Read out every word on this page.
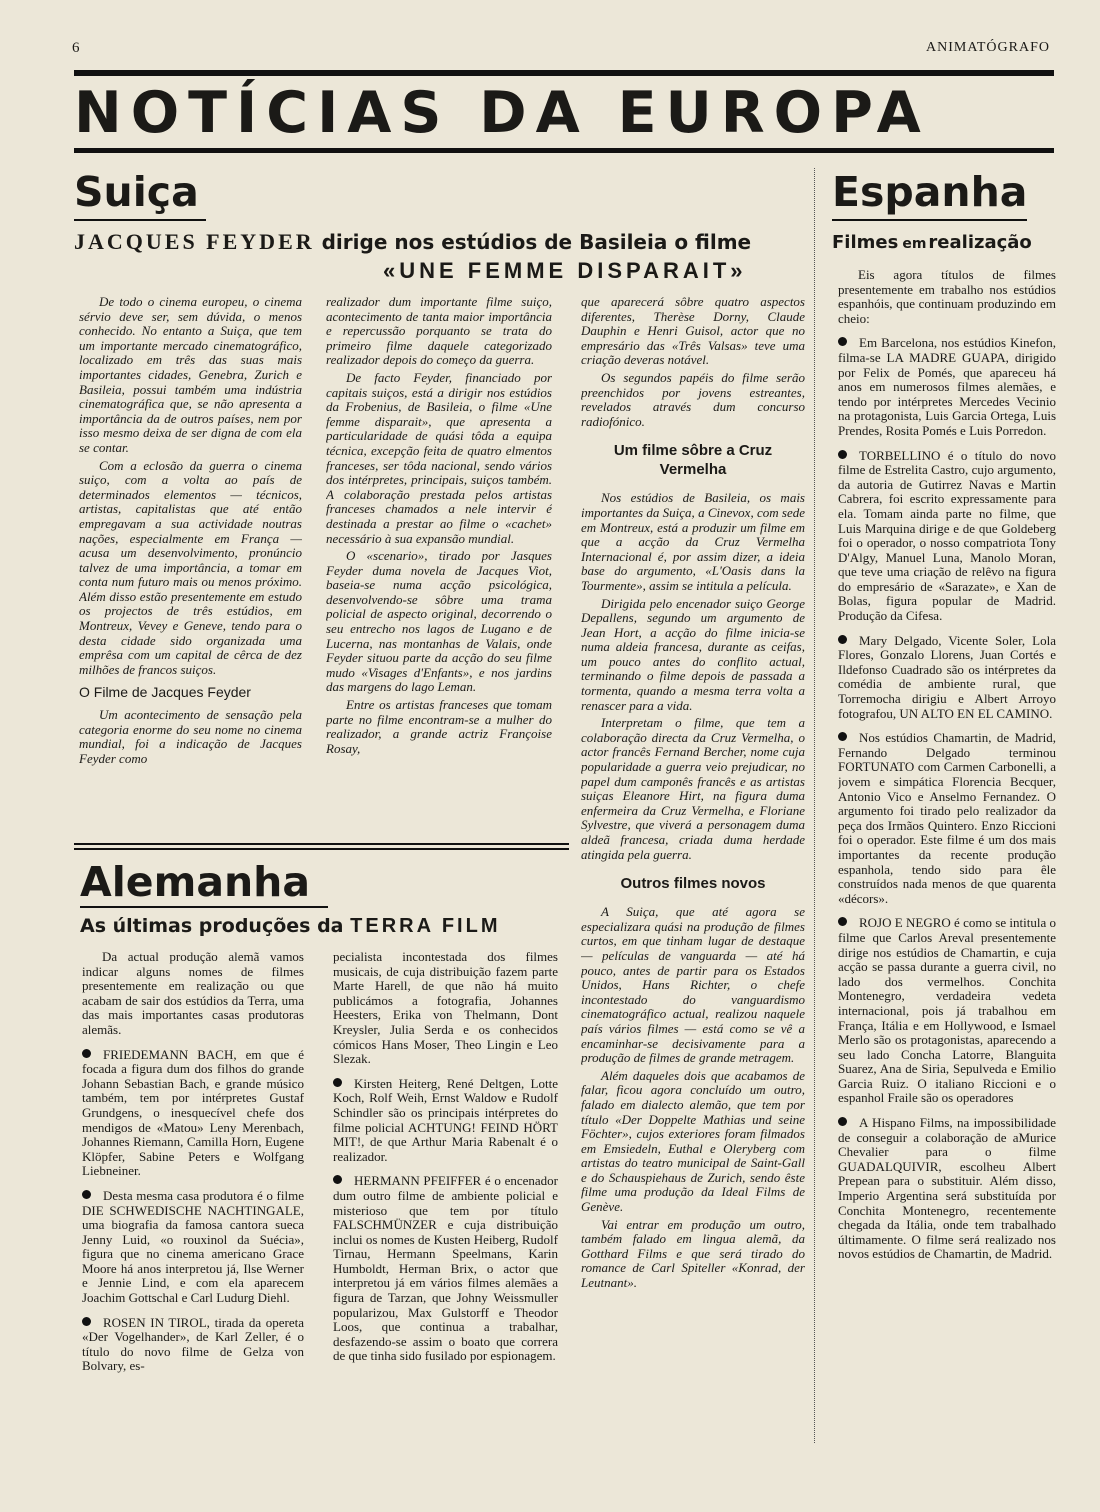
6	ANIMATÓGRAFO
NOTÍCIAS DA EUROPA
Suiça
JACQUES FEYDER dirige nos estúdios de Basileia o filme
«UNE FEMME DISPARAIT»

De todo o cinema europeu, o cinema sérvio deve ser, sem dúvida, o menos conhecido. No entanto a Suiça, que tem um importante mercado cinematográfico, localizado em três das suas mais importantes cidades, Genebra, Zurich e Basileia, possui também uma indústria cinematográfica que, se não apresenta a importância da de outros países, nem por isso mesmo deixa de ser digna de com ela se contar.

Com a eclosão da guerra o cinema suiço, com a volta ao país de determinados elementos — técnicos, artistas, capitalistas que até então empregavam a sua actividade noutras nações, especialmente em França — acusa um desenvolvimento, pronúncio talvez de uma importância, a tomar em conta num futuro mais ou menos próximo. Além disso estão presentemente em estudo os projectos de três estúdios, em Montreux, Vevey e Geneve, tendo para o desta cidade sido organizada uma emprêsa com um capital de cêrca de dez milhões de francos suiços.

O Filme de Jacques Feyder

Um acontecimento de sensação pela categoria enorme do seu nome no cinema mundial, foi a indicação de Jacques Feyder como

realizador dum importante filme suiço, acontecimento de tanta maior importância e repercussão porquanto se trata do primeiro filme daquele categorizado realizador depois do começo da guerra.

De facto Feyder, financiado por capitais suiços, está a dirigir nos estúdios da Frobenius, de Basileia, o filme «Une femme disparait», que apresenta a particularidade de quási tôda a equipa técnica, excepção feita de quatro elmentos franceses, ser tôda nacional, sendo vários dos intérpretes, principais, suiços também. A colaboração prestada pelos artistas franceses chamados a nele intervir é destinada a prestar ao filme o «cachet» necessário à sua expansão mundial.

O «scenario», tirado por Jasques Feyder duma novela de Jacques Viot, baseia-se numa acção psicológica, desenvolvendo-se sôbre uma trama policial de aspecto original, decorrendo o seu entrecho nos lagos de Lugano e de Lucerna, nas montanhas de Valais, onde Feyder situou parte da acção do seu filme mudo «Visages d'Enfants», e nos jardins das margens do lago Leman.

Entre os artistas franceses que tomam parte no filme encontram-se a mulher do realizador, a grande actriz Françoise Rosay,

que aparecerá sôbre quatro aspectos diferentes, Therèse Dorny, Claude Dauphin e Henri Guisol, actor que no empresário das «Três Valsas» teve uma criação deveras notável.

Os segundos papéis do filme serão preenchidos por jovens estreantes, revelados através dum concurso radiofónico.

Um filme sôbre a Cruz Vermelha

Nos estúdios de Basileia, os mais importantes da Suiça, a Cinevox, com sede em Montreux, está a produzir um filme em que a acção da Cruz Vermelha Internacional é, por assim dizer, a ideia base do argumento, «L'Oasis dans la Tourmente», assim se intitula a película.

Dirigida pelo encenador suiço George Depallens, segundo um argumento de Jean Hort, a acção do filme inicia-se numa aldeia francesa, durante as ceifas, um pouco antes do conflito actual, terminando o filme depois de passada a tormenta, quando a mesma terra volta a renascer para a vida.

Interpretam o filme, que tem a colaboração directa da Cruz Vermelha, o actor francês Fernand Bercher, nome cuja popularidade a guerra veio prejudicar, no papel dum camponês francês e as artistas suiças Eleanore Hirt, na figura duma enfermeira da Cruz Vermelha, e Floriane Sylvestre, que viverá a personagem duma aldeã francesa, criada duma herdade atingida pela guerra.

Outros filmes novos

A Suiça, que até agora se especializara quási na produção de filmes curtos, em que tinham lugar de destaque — películas de vanguarda — até há pouco, antes de partir para os Estados Unidos, Hans Richter, o chefe incontestado do vanguardismo cinematográfico actual, realizou naquele país vários filmes — está como se vê a encaminhar-se decisivamente para a produção de filmes de grande metragem.

Além daqueles dois que acabamos de falar, ficou agora concluído um outro, falado em dialecto alemão, que tem por título «Der Doppelte Mathias und seine Föchter», cujos exteriores foram filmados em Emsiedeln, Euthal e Oleryberg com artistas do teatro municipal de Saint-Gall e do Schauspiehaus de Zurich, sendo êste filme uma produção da Ideal Films de Genève.

Vai entrar em produção um outro, também falado em lingua alemã, da Gotthard Films e que será tirado do romance de Carl Spiteller «Konrad, der Leutnant».

Alemanha
As últimas produções da TERRA FILM

Da actual produção alemã vamos indicar alguns nomes de filmes presentemente em realização ou que acabam de sair dos estúdios da Terra, uma das mais importantes casas produtoras alemãs.

FRIEDEMANN BACH, em que é focada a figura dum dos filhos do grande Johann Sebastian Bach, e grande músico também, tem por intérpretes Gustaf Grundgens, o inesquecível chefe dos mendigos de «Matou» Leny Merenbach, Johannes Riemann, Camilla Horn, Eugene Klöpfer, Sabine Peters e Wolfgang Liebneiner.

Desta mesma casa produtora é o filme DIE SCHWEDISCHE NACHTINGALE, uma biografia da famosa cantora sueca Jenny Luid, «o rouxinol da Suécia», figura que no cinema americano Grace Moore há anos interpretou já, Ilse Werner e Jennie Lind, e com ela aparecem Joachim Gottschal e Carl Ludurg Diehl.

ROSEN IN TIROL, tirada da opereta «Der Vogelhander», de Karl Zeller, é o título do novo filme de Gelza von Bolvary, es-

pecialista incontestada dos filmes musicais, de cuja distribuição fazem parte Marte Harell, de que não há muito publicámos a fotografia, Johannes Heesters, Erika von Thelmann, Dont Kreysler, Julia Serda e os conhecidos cómicos Hans Moser, Theo Lingin e Leo Slezak.

Kirsten Heiterg, René Deltgen, Lotte Koch, Rolf Weih, Ernst Waldow e Rudolf Schindler são os principais intérpretes do filme policial ACHTUNG! FEIND HÖRT MIT!, de que Arthur Maria Rabenalt é o realizador.

HERMANN PFEIFFER é o encenador dum outro filme de ambiente policial e misterioso que tem por título FALSCHMÜNZER e cuja distribuição inclui os nomes de Kusten Heiberg, Rudolf Tirnau, Hermann Speelmans, Karin Humboldt, Herman Brix, o actor que interpretou já em vários filmes alemães a figura de Tarzan, que Johny Weissmuller popularizou, Max Gulstorff e Theodor Loos, que continua a trabalhar, desfazendo-se assim o boato que correra de que tinha sido fusilado por espionagem.

Espanha
Filmes em realização

Eis agora títulos de filmes presentemente em trabalho nos estúdios espanhóis, que continuam produzindo em cheio:

Em Barcelona, nos estúdios Kinefon, filma-se LA MADRE GUAPA, dirigido por Felix de Pomés, que apareceu há anos em numerosos filmes alemães, e tendo por intérpretes Mercedes Vecinio na protagonista, Luis Garcia Ortega, Luis Prendes, Rosita Pomés e Luis Porredon.

TORBELLINO é o título do novo filme de Estrelita Castro, cujo argumento, da autoria de Gutirrez Navas e Martin Cabrera, foi escrito expressamente para ela. Tomam ainda parte no filme, que Luis Marquina dirige e de que Goldeberg foi o operador, o nosso compatriota Tony D'Algy, Manuel Luna, Manolo Moran, que teve uma criação de relêvo na figura do empresário de «Sarazate», e Xan de Bolas, figura popular de Madrid. Produção da Cifesa.

Mary Delgado, Vicente Soler, Lola Flores, Gonzalo Llorens, Juan Cortés e Ildefonso Cuadrado são os intérpretes da comédia de ambiente rural, que Torremocha dirigiu e Albert Arroyo fotografou, UN ALTO EN EL CAMINO.

Nos estúdios Chamartin, de Madrid, Fernando Delgado terminou FORTUNATO com Carmen Carbonelli, a jovem e simpática Florencia Becquer, Antonio Vico e Anselmo Fernandez. O argumento foi tirado pelo realizador da peça dos Irmãos Quintero. Enzo Riccioni foi o operador. Este filme é um dos mais importantes da recente produção espanhola, tendo sido para êle construídos nada menos de que quarenta «décors».

ROJO E NEGRO é como se intitula o filme que Carlos Areval presentemente dirige nos estúdios de Chamartin, e cuja acção se passa durante a guerra civil, no lado dos vermelhos. Conchita Montenegro, verdadeira vedeta internacional, pois já trabalhou em França, Itália e em Hollywood, e Ismael Merlo são os protagonistas, aparecendo a seu lado Concha Latorre, Blanguita Suarez, Ana de Siria, Sepulveda e Emilio Garcia Ruiz. O italiano Riccioni e o espanhol Fraile são os operadores

A Hispano Films, na impossibilidade de conseguir a colaboração de aMurice Chevalier para o filme GUADALQUIVIR, escolheu Albert Prepean para o substituir. Além disso, Imperio Argentina será substituída por Conchita Montenegro, recentemente chegada da Itália, onde tem trabalhado últimamente. O filme será realizado nos novos estúdios de Chamartin, de Madrid.
